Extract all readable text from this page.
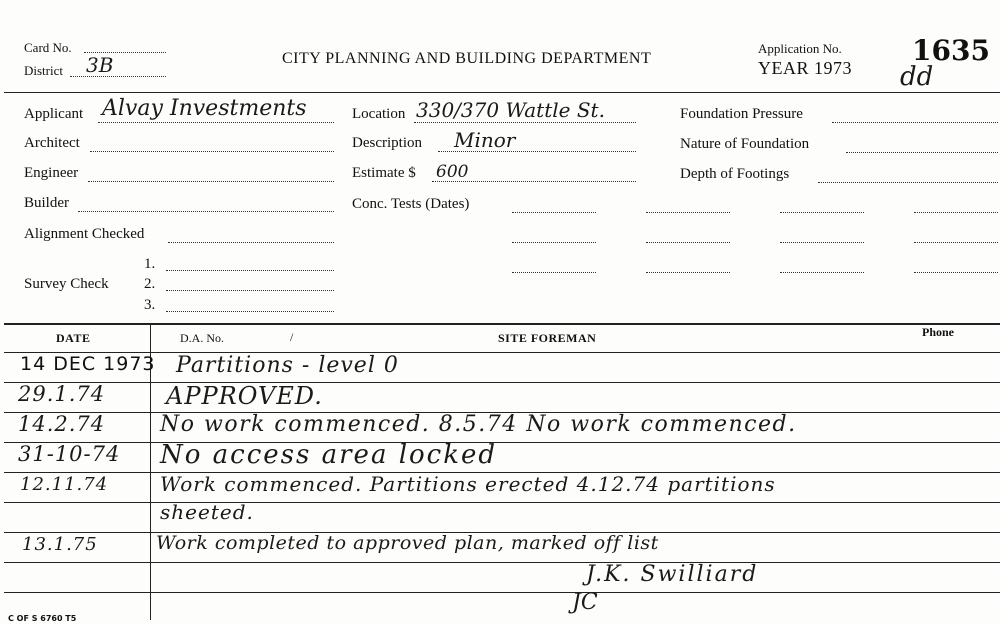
Card No.
District 3B	CITY PLANNING AND BUILDING DEPARTMENT
Application No.
YEAR 1973
1635
dd
Applicant Alvay Investments
Architect
Engineer
Builder
Alignment Checked
Survey Check
1.
2.
3.
Location 330/370 Wattle St.
Description Minor
Estimate $ 600
Conc. Tests (Dates)
Foundation Pressure
Nature of Foundation
Depth of Footings
DATE	D.A. No.	/	SITE FOREMAN	Phone
14 DEC 1973 Partitions - level 0
29.1.74	APPROVED.
14.2.74 No work commenced. 8.5.74 No work commenced.
31-10-74 No access area locked
12.11.74	Work commenced. Partitions erected 4.12.74 partitions
sheeted.
13.1.75	Work completed to approved plan, marked off list
J.K. Swilliard
JC
C OF S 6760 T5
